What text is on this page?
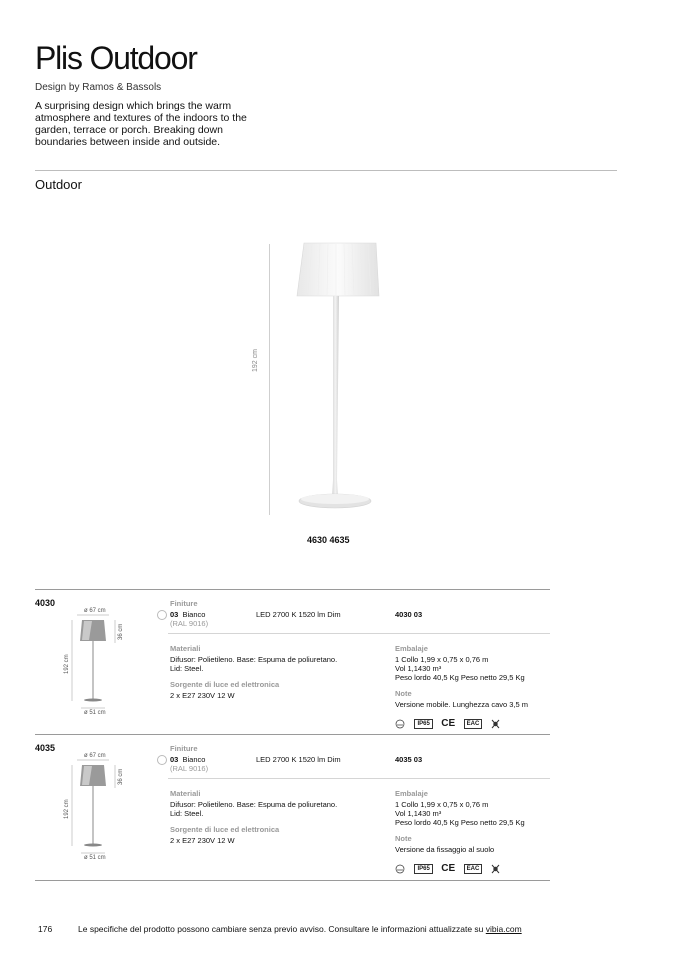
Plis Outdoor
Design by Ramos & Bassols
A surprising design which brings the warm atmosphere and textures of the indoors to the garden, terrace or porch. Breaking down boundaries between inside and outside.
Outdoor
192 cm
4630 4635
4030
ø 67 cm
36 cm
192 cm
ø 51 cm
Finiture
03 Bianco
(RAL 9016)
LED 2700 K 1520 lm Dim	4030 03
Materiali
Difusor: Polietileno. Base: Espuma de poliuretano.
Lid: Steel.
Sorgente di luce ed elettronica
2 x E27 230V 12 W
Embalaje
1 Collo 1,99 x 0,75 x 0,76 m
Vol 1,1430 m³
Peso lordo 40,5 Kg Peso netto 29,5 Kg
Note
Versione mobile. Lunghezza cavo 3,5 m
IP65 CE EAC
4035
ø 67 cm
36 cm
192 cm
ø 51 cm
Finiture
03 Bianco
(RAL 9016)
LED 2700 K 1520 lm Dim	4035 03
Materiali
Difusor: Polietileno. Base: Espuma de poliuretano.
Lid: Steel.
Sorgente di luce ed elettronica
2 x E27 230V 12 W
Embalaje
1 Collo 1,99 x 0,75 x 0,76 m
Vol 1,1430 m³
Peso lordo 40,5 Kg Peso netto 29,5 Kg
Note
Versione da fissaggio al suolo
IP65 CE EAC
176	Le specifiche del prodotto possono cambiare senza previo avviso. Consultare le informazioni attualizzate su vibia.com
